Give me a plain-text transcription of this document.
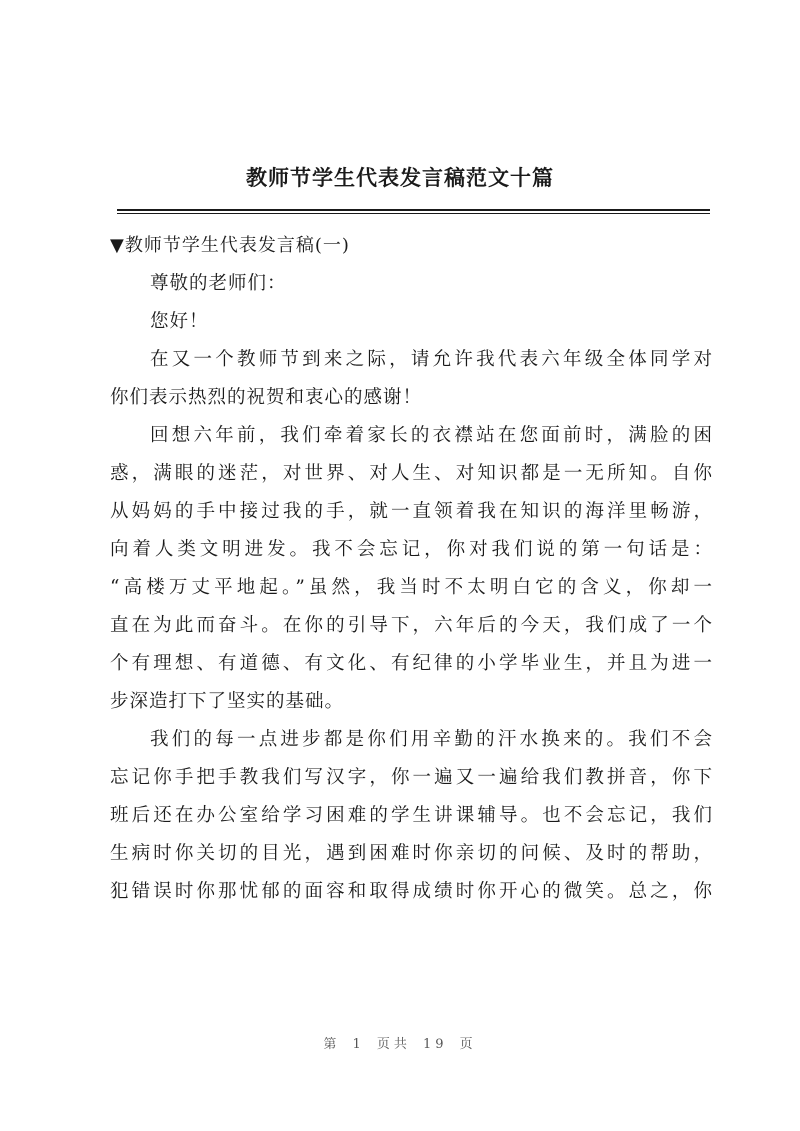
教师节学生代表发言稿范文十篇
▼教师节学生代表发言稿(一)
尊敬的老师们：
您好！
在又一个教师节到来之际，请允许我代表六年级全体同学对
你们表示热烈的祝贺和衷心的感谢！
回想六年前，我们牵着家长的衣襟站在您面前时，满脸的困
惑，满眼的迷茫，对世界、对人生、对知识都是一无所知。自你
从妈妈的手中接过我的手，就一直领着我在知识的海洋里畅游，
向着人类文明进发。我不会忘记，你对我们说的第一句话是：
“高楼万丈平地起。”虽然，我当时不太明白它的含义，你却一
直在为此而奋斗。在你的引导下，六年后的今天，我们成了一个
个有理想、有道德、有文化、有纪律的小学毕业生，并且为进一
步深造打下了坚实的基础。
我们的每一点进步都是你们用辛勤的汗水换来的。我们不会
忘记你手把手教我们写汉字，你一遍又一遍给我们教拼音，你下
班后还在办公室给学习困难的学生讲课辅导。也不会忘记，我们
生病时你关切的目光，遇到困难时你亲切的问候、及时的帮助，
犯错误时你那忧郁的面容和取得成绩时你开心的微笑。总之，你
第 1 页共 19 页
